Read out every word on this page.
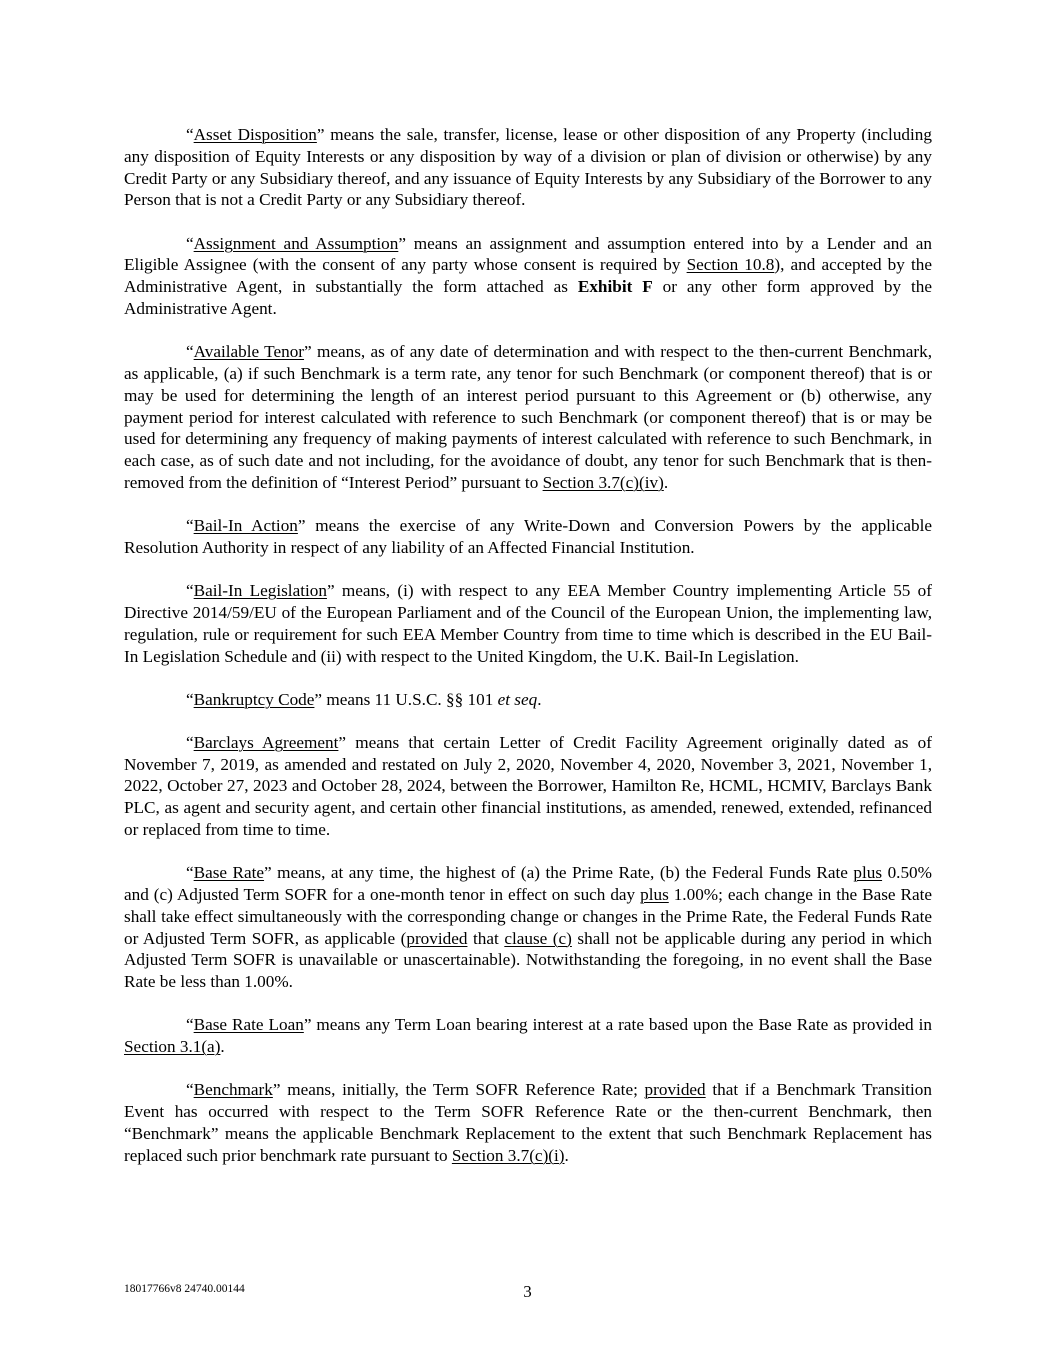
“Asset Disposition” means the sale, transfer, license, lease or other disposition of any Property (including any disposition of Equity Interests or any disposition by way of a division or plan of division or otherwise) by any Credit Party or any Subsidiary thereof, and any issuance of Equity Interests by any Subsidiary of the Borrower to any Person that is not a Credit Party or any Subsidiary thereof.

“Assignment and Assumption” means an assignment and assumption entered into by a Lender and an Eligible Assignee (with the consent of any party whose consent is required by Section 10.8), and accepted by the Administrative Agent, in substantially the form attached as Exhibit F or any other form approved by the Administrative Agent.

“Available Tenor” means, as of any date of determination and with respect to the then-current Benchmark, as applicable, (a) if such Benchmark is a term rate, any tenor for such Benchmark (or component thereof) that is or may be used for determining the length of an interest period pursuant to this Agreement or (b) otherwise, any payment period for interest calculated with reference to such Benchmark (or component thereof) that is or may be used for determining any frequency of making payments of interest calculated with reference to such Benchmark, in each case, as of such date and not including, for the avoidance of doubt, any tenor for such Benchmark that is then-removed from the definition of “Interest Period” pursuant to Section 3.7(c)(iv).

“Bail-In Action” means the exercise of any Write-Down and Conversion Powers by the applicable Resolution Authority in respect of any liability of an Affected Financial Institution.

“Bail-In Legislation” means, (i) with respect to any EEA Member Country implementing Article 55 of Directive 2014/59/EU of the European Parliament and of the Council of the European Union, the implementing law, regulation, rule or requirement for such EEA Member Country from time to time which is described in the EU Bail-In Legislation Schedule and (ii) with respect to the United Kingdom, the U.K. Bail-In Legislation.

“Bankruptcy Code” means 11 U.S.C. §§ 101 et seq.

“Barclays Agreement” means that certain Letter of Credit Facility Agreement originally dated as of November 7, 2019, as amended and restated on July 2, 2020, November 4, 2020, November 3, 2021, November 1, 2022, October 27, 2023 and October 28, 2024, between the Borrower, Hamilton Re, HCML, HCMIV, Barclays Bank PLC, as agent and security agent, and certain other financial institutions, as amended, renewed, extended, refinanced or replaced from time to time.

“Base Rate” means, at any time, the highest of (a) the Prime Rate, (b) the Federal Funds Rate plus 0.50% and (c) Adjusted Term SOFR for a one-month tenor in effect on such day plus 1.00%; each change in the Base Rate shall take effect simultaneously with the corresponding change or changes in the Prime Rate, the Federal Funds Rate or Adjusted Term SOFR, as applicable (provided that clause (c) shall not be applicable during any period in which Adjusted Term SOFR is unavailable or unascertainable). Notwithstanding the foregoing, in no event shall the Base Rate be less than 1.00%.

“Base Rate Loan” means any Term Loan bearing interest at a rate based upon the Base Rate as provided in Section 3.1(a).

“Benchmark” means, initially, the Term SOFR Reference Rate; provided that if a Benchmark Transition Event has occurred with respect to the Term SOFR Reference Rate or the then-current Benchmark, then “Benchmark” means the applicable Benchmark Replacement to the extent that such Benchmark Replacement has replaced such prior benchmark rate pursuant to Section 3.7(c)(i).

18017766v8 24740.00144	3
